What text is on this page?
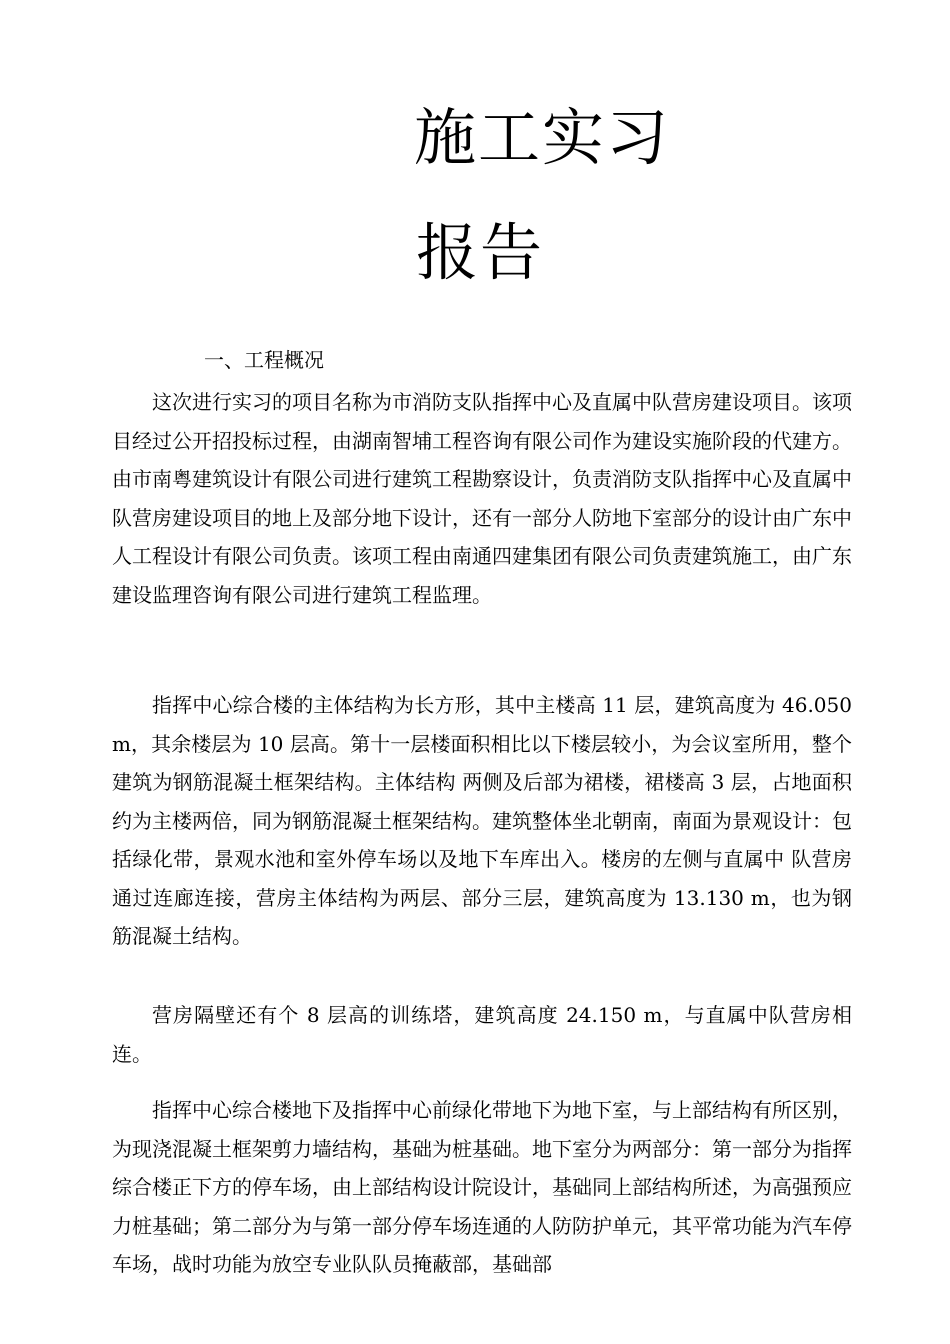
施工实习
报告
一、工程概况

这次进行实习的项目名称为市消防支队指挥中心及直属中队营房建设项目。该项目经过公开招投标过程，由湖南智埔工程咨询有限公司作为建设实施阶段的代建方。由市南粤建筑设计有限公司进行建筑工程勘察设计，负责消防支队指挥中心及直属中队营房建设项目的地上及部分地下设计，还有一部分人防地下室部分的设计由广东中人工程设计有限公司负责。该项工程由南通四建集团有限公司负责建筑施工，由广东建设监理咨询有限公司进行建筑工程监理。

指挥中心综合楼的主体结构为长方形，其中主楼高 11 层，建筑高度为 46.050 m，其余楼层为 10 层高。第十一层楼面积相比以下楼层较小，为会议室所用，整个建筑为钢筋混凝土框架结构。主体结构 两侧及后部为裙楼，裙楼高 3 层，占地面积约为主楼两倍，同为钢筋混凝土框架结构。建筑整体坐北朝南，南面为景观设计：包括绿化带，景观水池和室外停车场以及地下车库出入。楼房的左侧与直属中 队营房通过连廊连接，营房主体结构为两层、部分三层，建筑高度为 13.130 m，也为钢筋混凝土结构。

营房隔壁还有个 8 层高的训练塔，建筑高度 24.150 m，与直属中队营房相连。

指挥中心综合楼地下及指挥中心前绿化带地下为地下室，与上部结构有所区别，为现浇混凝土框架剪力墙结构，基础为桩基础。地下室分为两部分：第一部分为指挥综合楼正下方的停车场，由上部结构设计院设计，基础同上部结构所述，为高强预应力桩基础；第二部分为与第一部分停车场连通的人防防护单元，其平常功能为汽车停车场，战时功能为放空专业队队员掩蔽部，基础部
